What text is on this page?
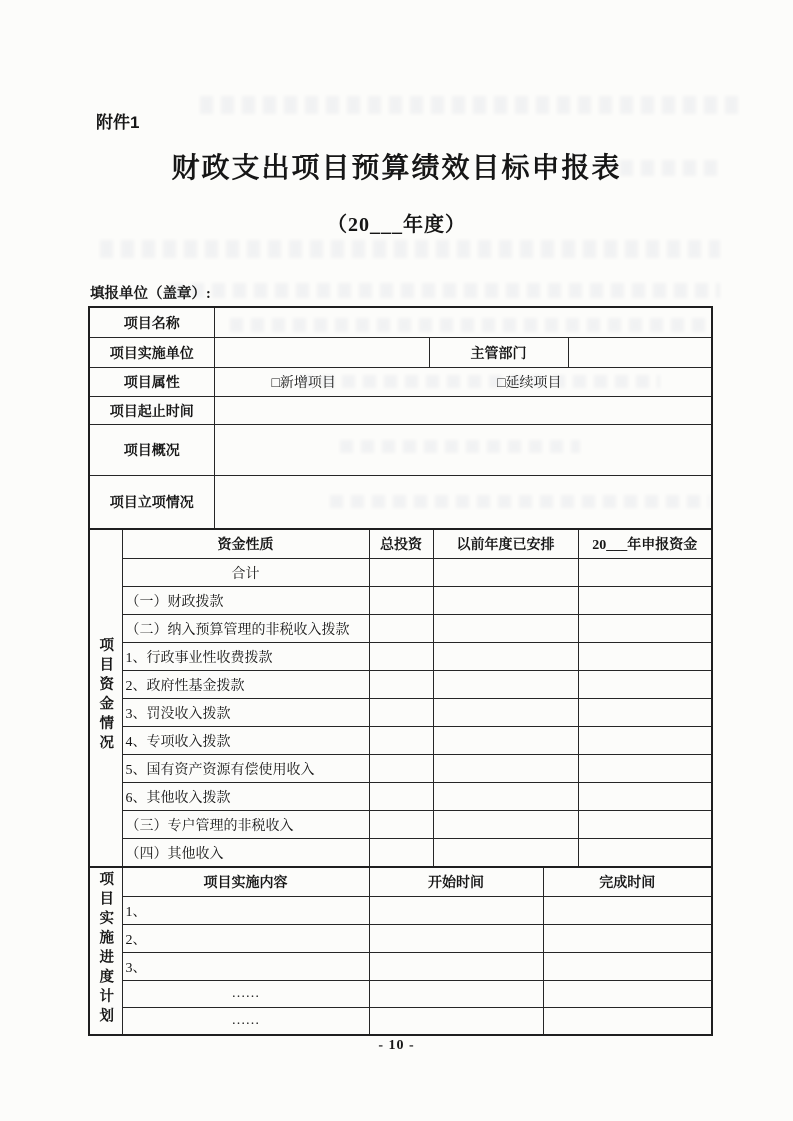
附件1
财政支出项目预算绩效目标申报表
（20___年度）
填报单位（盖章）:
项目名称			
项目实施单位		主管部门	
项目属性	□新增项目 □延续项目		

项目起止时间			
项目概况			
项目立项情况			
项目资金情况	资金性质	总投资	以前年度已安排	20___年申报资金
	合计			
	（一）财政拨款			
	（二）纳入预算管理的非税收入拨款			
	1、行政事业性收费拨款			
	2、政府性基金拨款			
	3、罚没收入拨款			
	4、专项收入拨款			
	5、国有资产资源有偿使用收入			
	6、其他收入拨款			
	（三）专户管理的非税收入			
	（四）其他收入			
项目实施进度计划	项目实施内容	开始时间	完成时间
	1、		
	2、		
	3、		
	……		
	……		
- 10 -
